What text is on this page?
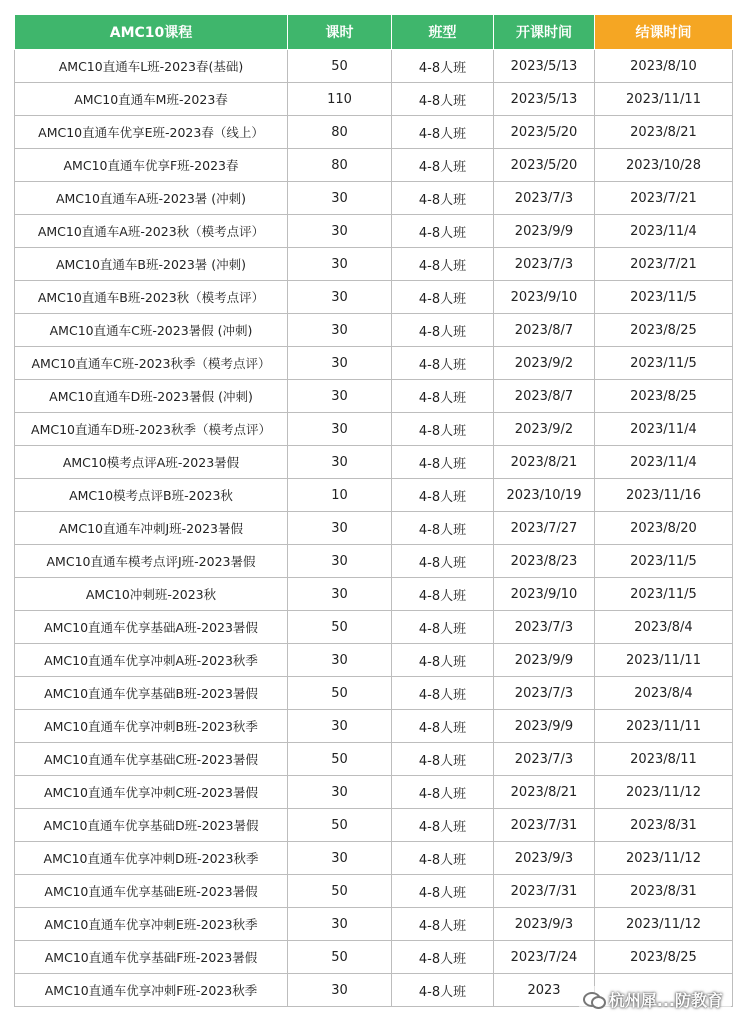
AMC10课程	课时	班型	开课时间	结课时间
AMC10直通车L班-2023春(基础)	50	4-8人班	2023/5/13	2023/8/10
AMC10直通车M班-2023春	110	4-8人班	2023/5/13	2023/11/11
AMC10直通车优享E班-2023春（线上）	80	4-8人班	2023/5/20	2023/8/21
AMC10直通车优享F班-2023春	80	4-8人班	2023/5/20	2023/10/28
AMC10直通车A班-2023暑 (冲刺)	30	4-8人班	2023/7/3	2023/7/21
AMC10直通车A班-2023秋（模考点评）	30	4-8人班	2023/9/9	2023/11/4
AMC10直通车B班-2023暑 (冲刺)	30	4-8人班	2023/7/3	2023/7/21
AMC10直通车B班-2023秋（模考点评）	30	4-8人班	2023/9/10	2023/11/5
AMC10直通车C班-2023暑假 (冲刺)	30	4-8人班	2023/8/7	2023/8/25
AMC10直通车C班-2023秋季（模考点评）	30	4-8人班	2023/9/2	2023/11/5
AMC10直通车D班-2023暑假 (冲刺)	30	4-8人班	2023/8/7	2023/8/25
AMC10直通车D班-2023秋季（模考点评）	30	4-8人班	2023/9/2	2023/11/4
AMC10模考点评A班-2023暑假	30	4-8人班	2023/8/21	2023/11/4
AMC10模考点评B班-2023秋	10	4-8人班	2023/10/19	2023/11/16
AMC10直通车冲刺J班-2023暑假	30	4-8人班	2023/7/27	2023/8/20
AMC10直通车模考点评J班-2023暑假	30	4-8人班	2023/8/23	2023/11/5
AMC10冲刺班-2023秋	30	4-8人班	2023/9/10	2023/11/5
AMC10直通车优享基础A班-2023暑假	50	4-8人班	2023/7/3	2023/8/4
AMC10直通车优享冲刺A班-2023秋季	30	4-8人班	2023/9/9	2023/11/11
AMC10直通车优享基础B班-2023暑假	50	4-8人班	2023/7/3	2023/8/4
AMC10直通车优享冲刺B班-2023秋季	30	4-8人班	2023/9/9	2023/11/11
AMC10直通车优享基础C班-2023暑假	50	4-8人班	2023/7/3	2023/8/11
AMC10直通车优享冲刺C班-2023暑假	30	4-8人班	2023/8/21	2023/11/12
AMC10直通车优享基础D班-2023暑假	50	4-8人班	2023/7/31	2023/8/31
AMC10直通车优享冲刺D班-2023秋季	30	4-8人班	2023/9/3	2023/11/12
AMC10直通车优享基础E班-2023暑假	50	4-8人班	2023/7/31	2023/8/31
AMC10直通车优享冲刺E班-2023秋季	30	4-8人班	2023/9/3	2023/11/12
AMC10直通车优享基础F班-2023暑假	50	4-8人班	2023/7/24	2023/8/25
AMC10直通车优享冲刺F班-2023秋季	30	4-8人班	2023	
杭州犀...防教育
